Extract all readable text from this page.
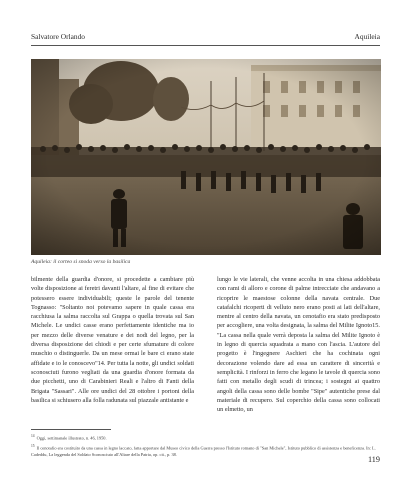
Salvatore Orlando	Aquileia
Aquileia: il corteo si snoda verso la basilica

bilmente della guardia d'onore, si procedette a cambiare più volte disposizione ai feretri davanti l'altare, al fine di evitare che potessero essere individuabili; queste le parole del tenente Tognasso: "Soltanto noi potevamo sapere in quale cassa era racchiusa la salma raccolta sul Grappa o quella trovata sul San Michele. Le undici casse erano perfettamente identiche ma io per mezzo delle diverse venature e dei nodi del legno, per la diversa disposizione dei chiodi e per certe sfumature di colore muschio o distinguerle. Da un mese ormai le bare ci erano state affidate e io le conoscevo"14. Per tutta la notte, gli undici soldati sconosciuti furono vegliati da una guardia d'onore formata da due picchetti, uno di Carabinieri Reali e l'altro di Fanti della Brigata "Sassari". Alle ore undici del 28 ottobre i portoni della basilica si schiusero alla folla radunata sul piazzale antistante e

lungo le vie laterali, che venne accolta in una chiesa addobbata con rami di alloro e corone di palme intrecciate che andavano a ricoprire le maestose colonne della navata centrale. Due catafalchi ricoperti di velluto nero erano posti ai lati dell'altare, mentre al centro della navata, un cenotafio era stato predisposto per accogliere, una volta designata, la salma del Milite Ignoto15. "La cassa nella quale verrà deposta la salma del Milite Ignoto è in legno di quercia squadrata a mano con l'ascia. L'autore del progetto è l'ingegnere Aschieri che ha cochinata ogni decorazione volendo dare ad essa un carattere di sincerità e semplicità. I rinforzi in ferro che legano le tavole di quercia sono fatti con metallo degli scudi di trincea; i sostegni ai quattro angoli della cassa sono delle bombe "Sipe" autentiche prese dal materiale di recupero. Sul coperchio della cassa sono collocati un elmetto, un

$^{14}$ Oggi, settimanale illustrato, n. 46, 1950.

$^{15}$ Il cenotafio era costituito da una cassa in legno laccato, fatta apportare dal Museo civico della Guerra presso l'Istituto romano di "San Michele", Istituto pubblico di assistenza e beneficenza. In: L. Cadeddu, La leggenda del Soldato Sconosciuto all'Altare della Patria, op. cit., p. 38.

119
